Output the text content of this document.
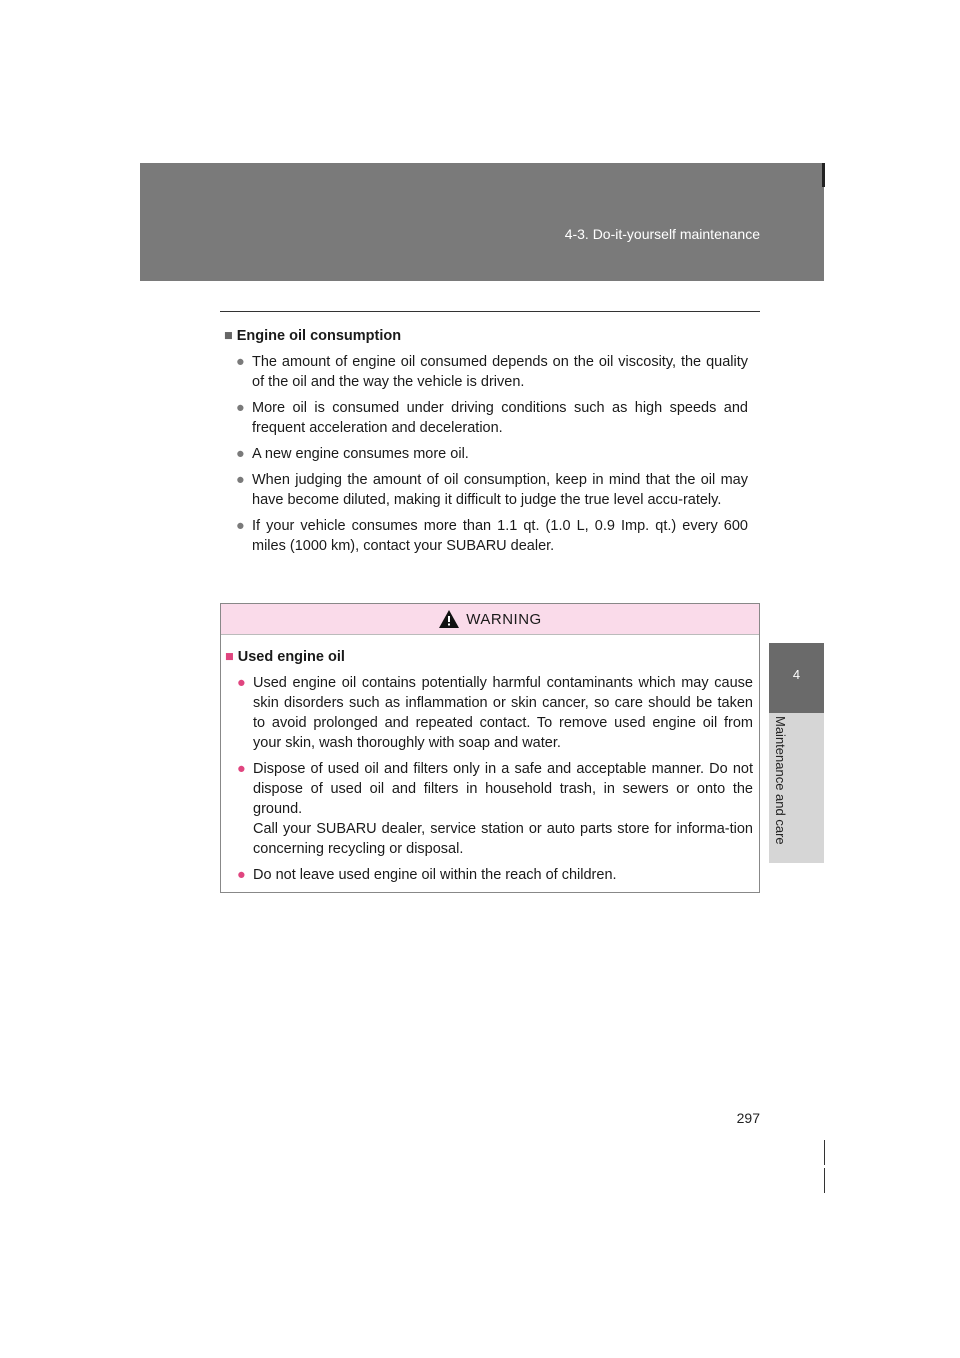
4-3. Do-it-yourself maintenance
4
Maintenance and care
■ Engine oil consumption
● The amount of engine oil consumed depends on the oil viscosity, the quality of the oil and the way the vehicle is driven.
● More oil is consumed under driving conditions such as high speeds and frequent acceleration and deceleration.
● A new engine consumes more oil.
● When judging the amount of oil consumption, keep in mind that the oil may have become diluted, making it difficult to judge the true level accu-rately.
● If your vehicle consumes more than 1.1 qt. (1.0 L, 0.9 Imp. qt.) every 600 miles (1000 km), contact your SUBARU dealer.
WARNING
■ Used engine oil
● Used engine oil contains potentially harmful contaminants which may cause skin disorders such as inflammation or skin cancer, so care should be taken to avoid prolonged and repeated contact. To remove used engine oil from your skin, wash thoroughly with soap and water.
● Dispose of used oil and filters only in a safe and acceptable manner. Do not dispose of used oil and filters in household trash, in sewers or onto the ground.
Call your SUBARU dealer, service station or auto parts store for informa-tion concerning recycling or disposal.
● Do not leave used engine oil within the reach of children.
297
